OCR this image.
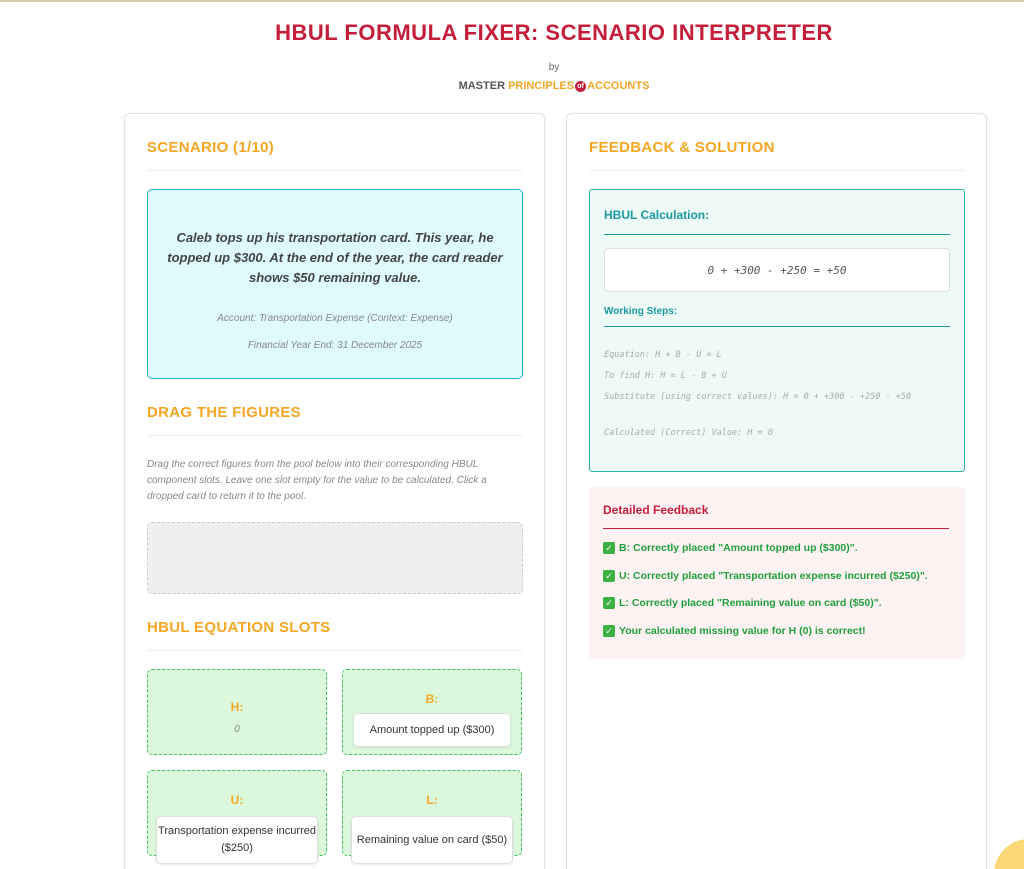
HBUL FORMULA FIXER: SCENARIO INTERPRETER
by
MASTER PRINCIPLES of ACCOUNTS
SCENARIO (1/10)
Caleb tops up his transportation card. This year, he topped up $300. At the end of the year, the card reader shows $50 remaining value.
Account: Transportation Expense (Context: Expense)
Financial Year End: 31 December 2025
DRAG THE FIGURES
Drag the correct figures from the pool below into their corresponding HBUL component slots. Leave one slot empty for the value to be calculated. Click a dropped card to return it to the pool.
HBUL EQUATION SLOTS
H:
0
B:
Amount topped up ($300)
U:
Transportation expense incurred ($250)
L:
Remaining value on card ($50)
FEEDBACK & SOLUTION
HBUL Calculation:
0 + +300 - +250 = +50
Working Steps:
Equation: H + B - U = L
To find H: H = L - B + U
Substitute (using correct values): H = 0 + +300 - +250 - +50
Calculated (Correct) Value: H = 0
Detailed Feedback
✓ B: Correctly placed "Amount topped up ($300)".
✓ U: Correctly placed "Transportation expense incurred ($250)".
✓ L: Correctly placed "Remaining value on card ($50)".
✓ Your calculated missing value for H (0) is correct!
